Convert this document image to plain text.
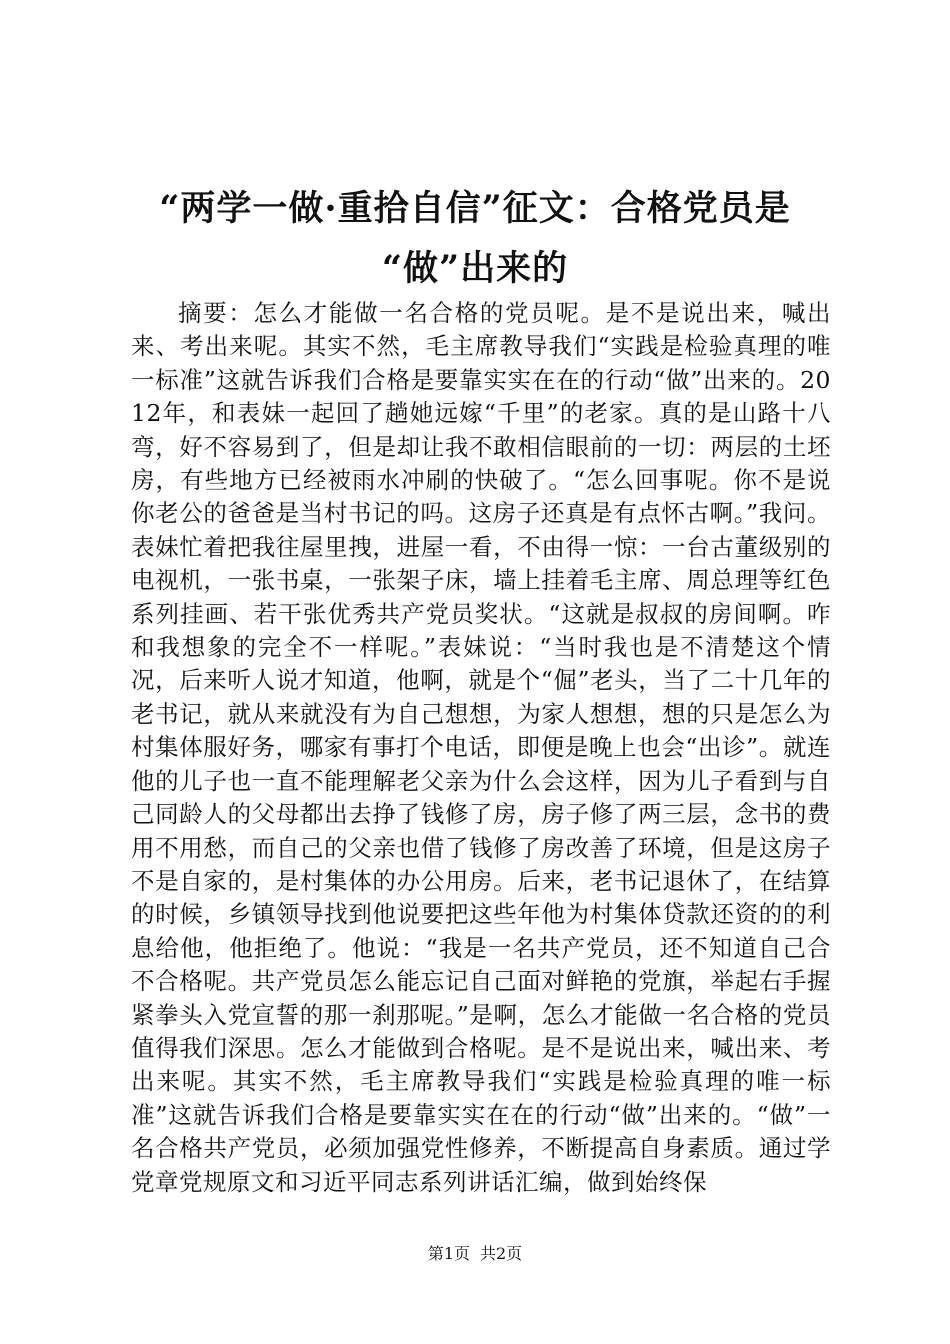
“两学一做·重拾自信”征文：合格党员是
“做”出来的

摘要：怎么才能做一名合格的党员呢。是不是说出来，喊出来、考出来呢。其实不然，毛主席教导我们“实践是检验真理的唯一标准”这就告诉我们合格是要靠实实在在的行动“做”出来的。2012年，和表妹一起回了趟她远嫁“千里”的老家。真的是山路十八弯，好不容易到了，但是却让我不敢相信眼前的一切：两层的土坯房，有些地方已经被雨水冲刷的快破了。“怎么回事呢。你不是说你老公的爸爸是当村书记的吗。这房子还真是有点怀古啊。”我问。表妹忙着把我往屋里拽，进屋一看，不由得一惊：一台古董级别的电视机，一张书桌，一张架子床，墙上挂着毛主席、周总理等红色系列挂画、若干张优秀共产党员奖状。“这就是叔叔的房间啊。咋和我想象的完全不一样呢。”表妹说：“当时我也是不清楚这个情况，后来听人说才知道，他啊，就是个“倔”老头，当了二十几年的老书记，就从来就没有为自己想想，为家人想想，想的只是怎么为村集体服好务，哪家有事打个电话，即便是晚上也会“出诊”。就连他的儿子也一直不能理解老父亲为什么会这样，因为儿子看到与自己同龄人的父母都出去挣了钱修了房，房子修了两三层，念书的费用不用愁，而自己的父亲也借了钱修了房改善了环境，但是这房子不是自家的，是村集体的办公用房。后来，老书记退休了，在结算的时候，乡镇领导找到他说要把这些年他为村集体贷款还资的的利息给他，他拒绝了。他说：“我是一名共产党员，还不知道自己合不合格呢。共产党员怎么能忘记自己面对鲜艳的党旗，举起右手握紧拳头入党宣誓的那一刹那呢。”是啊，怎么才能做一名合格的党员值得我们深思。怎么才能做到合格呢。是不是说出来，喊出来、考出来呢。其实不然，毛主席教导我们“实践是检验真理的唯一标准”这就告诉我们合格是要靠实实在在的行动“做”出来的。“做”一名合格共产党员，必须加强党性修养，不断提高自身素质。通过学党章党规原文和习近平同志系列讲话汇编，做到始终保

第1页 共2页
